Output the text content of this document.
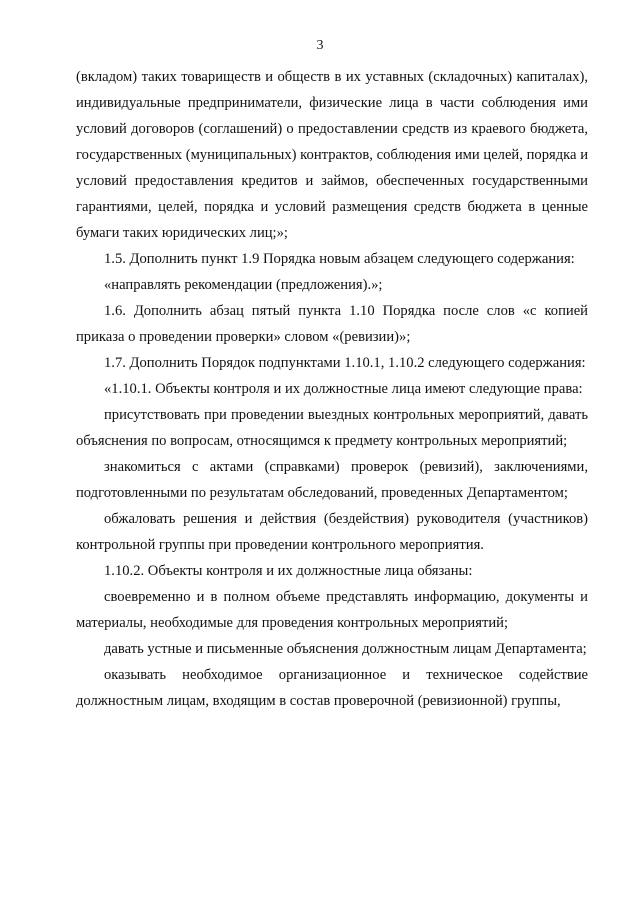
3

(вкладом) таких товариществ и обществ в их уставных (складочных) капиталах), индивидуальные предприниматели, физические лица в части соблюдения ими условий договоров (соглашений) о предоставлении средств из краевого бюджета, государственных (муниципальных) контрактов, соблюдения ими целей, порядка и условий предоставления кредитов и займов, обеспеченных государственными гарантиями, целей, порядка и условий размещения средств бюджета в ценные бумаги таких юридических лиц;»;

1.5. Дополнить пункт 1.9 Порядка новым абзацем следующего содержания:

«направлять рекомендации (предложения).»;

1.6. Дополнить абзац пятый пункта 1.10 Порядка после слов «с копией приказа о проведении проверки» словом «(ревизии)»;

1.7. Дополнить Порядок подпунктами 1.10.1, 1.10.2 следующего содержания:

«1.10.1. Объекты контроля и их должностные лица имеют следующие права:

присутствовать при проведении выездных контрольных мероприятий, давать объяснения по вопросам, относящимся к предмету контрольных мероприятий;

знакомиться с актами (справками) проверок (ревизий), заключениями, подготовленными по результатам обследований, проведенных Департаментом;

обжаловать решения и действия (бездействия) руководителя (участников) контрольной группы при проведении контрольного мероприятия.

1.10.2. Объекты контроля и их должностные лица обязаны:

своевременно и в полном объеме представлять информацию, документы и материалы, необходимые для проведения контрольных мероприятий;

давать устные и письменные объяснения должностным лицам Департамента;

оказывать необходимое организационное и техническое содействие должностным лицам, входящим в состав проверочной (ревизионной) группы,
